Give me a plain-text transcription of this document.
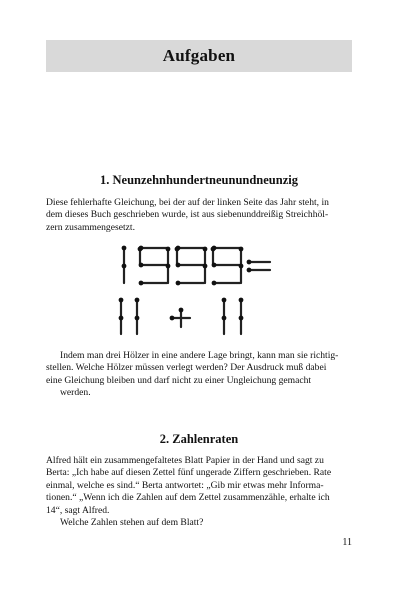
Aufgaben
1. Neunzehnhundertneunundneunzig

Diese fehlerhafte Gleichung, bei der auf der linken Seite das Jahr steht, in
dem dieses Buch geschrieben wurde, ist aus siebenunddreißig Streichhöl-
zern zusammengesetzt.

Indem man drei Hölzer in eine andere Lage bringt, kann man sie richtig-
stellen. Welche Hölzer müssen verlegt werden? Der Ausdruck muß dabei
eine Gleichung bleiben und darf nicht zu einer Ungleichung gemacht
werden.

2. Zahlenraten

Alfred hält ein zusammengefaltetes Blatt Papier in der Hand und sagt zu
Berta: „Ich habe auf diesen Zettel fünf ungerade Ziffern geschrieben. Rate
einmal, welche es sind.“ Berta antwortet: „Gib mir etwas mehr Informa-
tionen.“ „Wenn ich die Zahlen auf dem Zettel zusammenzähle, erhalte ich
14“, sagt Alfred.
Welche Zahlen stehen auf dem Blatt?

11
